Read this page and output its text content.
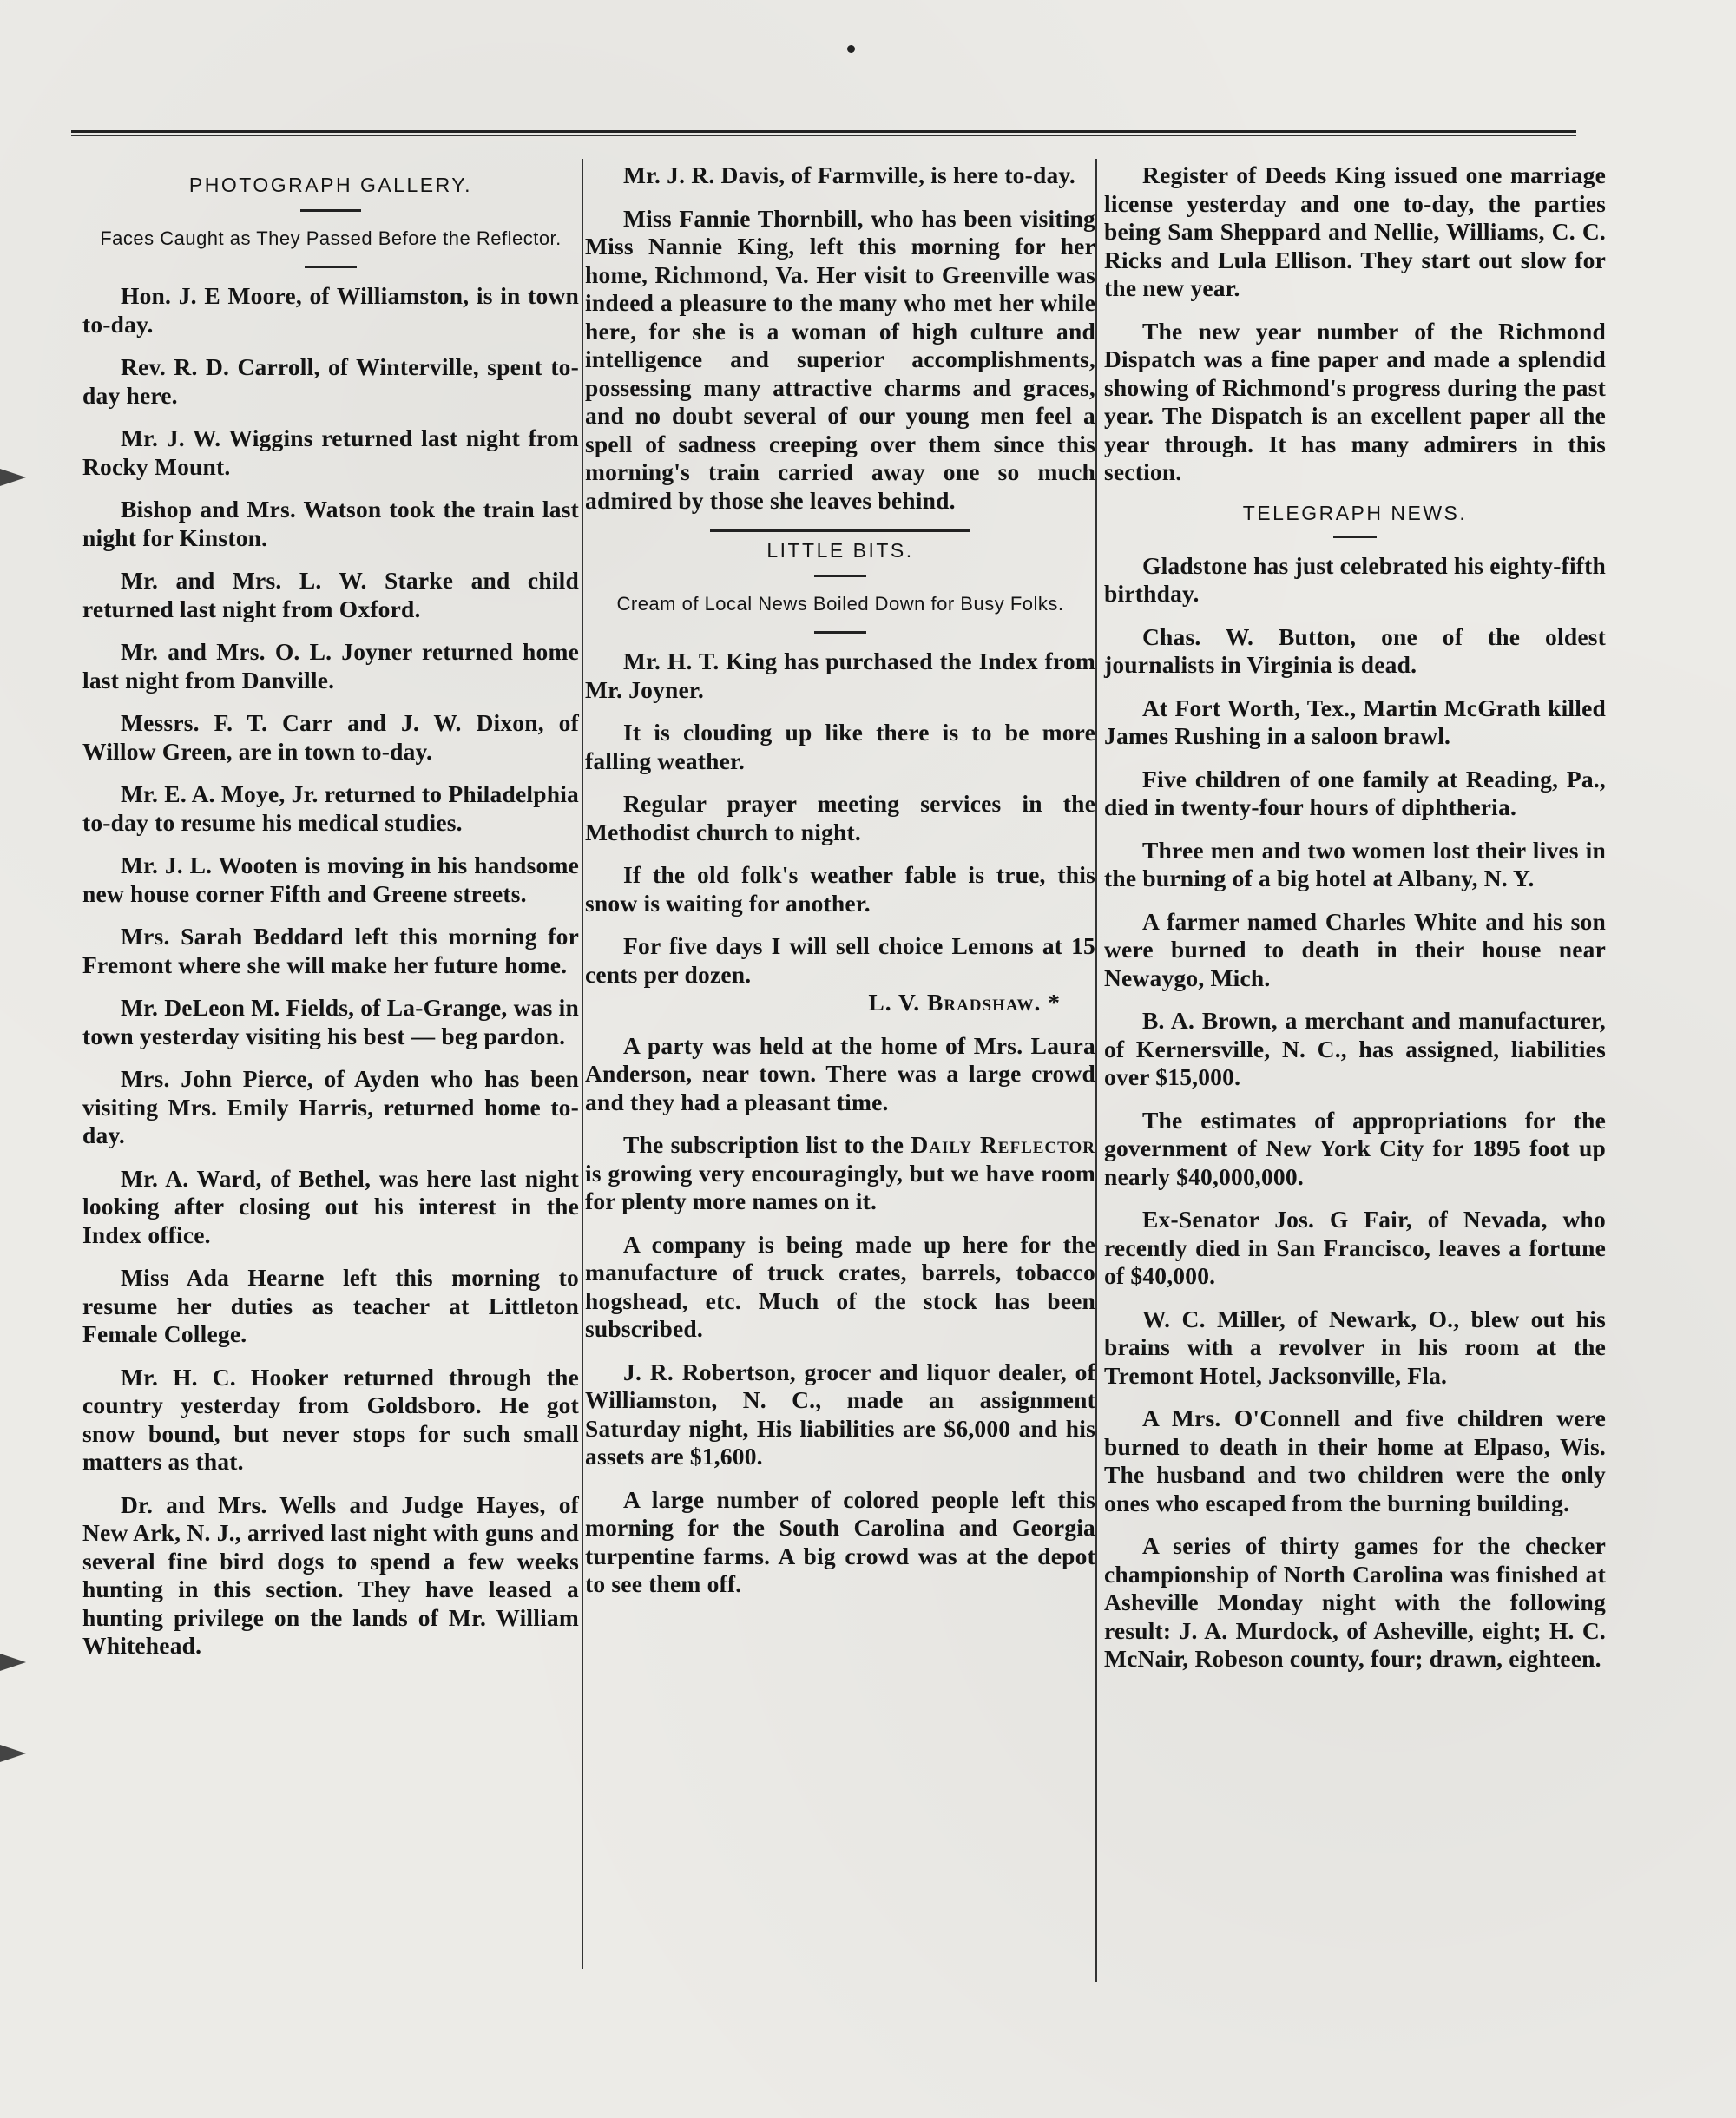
PHOTOGRAPH GALLERY.
Faces Caught as They Passed Before the Reflector.

Hon. J. E Moore, of Williamston, is in town to-day.

Rev. R. D. Carroll, of Winterville, spent to-day here.

Mr. J. W. Wiggins returned last night from Rocky Mount.

Bishop and Mrs. Watson took the train last night for Kinston.

Mr. and Mrs. L. W. Starke and child returned last night from Oxford.

Mr. and Mrs. O. L. Joyner returned home last night from Danville.

Messrs. F. T. Carr and J. W. Dixon, of Willow Green, are in town to-day.

Mr. E. A. Moye, Jr. returned to Philadelphia to-day to resume his medical studies.

Mr. J. L. Wooten is moving in his handsome new house corner Fifth and Greene streets.

Mrs. Sarah Beddard left this morning for Fremont where she will make her future home.

Mr. DeLeon M. Fields, of La-Grange, was in town yesterday visiting his best — beg pardon.

Mrs. John Pierce, of Ayden who has been visiting Mrs. Emily Harris, returned home to-day.

Mr. A. Ward, of Bethel, was here last night looking after closing out his interest in the Index office.

Miss Ada Hearne left this morning to resume her duties as teacher at Littleton Female College.

Mr. H. C. Hooker returned through the country yesterday from Goldsboro. He got snow bound, but never stops for such small matters as that.

Dr. and Mrs. Wells and Judge Hayes, of New Ark, N. J., arrived last night with guns and several fine bird dogs to spend a few weeks hunting in this section. They have leased a hunting privilege on the lands of Mr. William Whitehead.

Mr. J. R. Davis, of Farmville, is here to-day.

Miss Fannie Thornbill, who has been visiting Miss Nannie King, left this morning for her home, Richmond, Va. Her visit to Greenville was indeed a pleasure to the many who met her while here, for she is a woman of high culture and intelligence and superior accomplishments, possessing many attractive charms and graces, and no doubt several of our young men feel a spell of sadness creeping over them since this morning's train carried away one so much admired by those she leaves behind.

LITTLE BITS.
Cream of Local News Boiled Down for Busy Folks.

Mr. H. T. King has purchased the Index from Mr. Joyner.

It is clouding up like there is to be more falling weather.

Regular prayer meeting services in the Methodist church to night.

If the old folk's weather fable is true, this snow is waiting for another.

For five days I will sell choice Lemons at 15 cents per dozen.
L. V. Bradshaw. *

A party was held at the home of Mrs. Laura Anderson, near town. There was a large crowd and they had a pleasant time.

The subscription list to the Daily Reflector is growing very encouragingly, but we have room for plenty more names on it.

A company is being made up here for the manufacture of truck crates, barrels, tobacco hogshead, etc. Much of the stock has been subscribed.

J. R. Robertson, grocer and liquor dealer, of Williamston, N. C., made an assignment Saturday night, His liabilities are $6,000 and his assets are $1,600.

A large number of colored people left this morning for the South Carolina and Georgia turpentine farms. A big crowd was at the depot to see them off.

Register of Deeds King issued one marriage license yesterday and one to-day, the parties being Sam Sheppard and Nellie, Williams, C. C. Ricks and Lula Ellison. They start out slow for the new year.

The new year number of the Richmond Dispatch was a fine paper and made a splendid showing of Richmond's progress during the past year. The Dispatch is an excellent paper all the year through. It has many admirers in this section.

TELEGRAPH NEWS.

Gladstone has just celebrated his eighty-fifth birthday.

Chas. W. Button, one of the oldest journalists in Virginia is dead.

At Fort Worth, Tex., Martin McGrath killed James Rushing in a saloon brawl.

Five children of one family at Reading, Pa., died in twenty-four hours of diphtheria.

Three men and two women lost their lives in the burning of a big hotel at Albany, N. Y.

A farmer named Charles White and his son were burned to death in their house near Newaygo, Mich.

B. A. Brown, a merchant and manufacturer, of Kernersville, N. C., has assigned, liabilities over $15,000.

The estimates of appropriations for the government of New York City for 1895 foot up nearly $40,000,000.

Ex-Senator Jos. G Fair, of Nevada, who recently died in San Francisco, leaves a fortune of $40,000.

W. C. Miller, of Newark, O., blew out his brains with a revolver in his room at the Tremont Hotel, Jacksonville, Fla.

A Mrs. O'Connell and five children were burned to death in their home at Elpaso, Wis. The husband and two children were the only ones who escaped from the burning building.

A series of thirty games for the checker championship of North Carolina was finished at Asheville Monday night with the following result: J. A. Murdock, of Asheville, eight; H. C. McNair, Robeson county, four; drawn, eighteen.
